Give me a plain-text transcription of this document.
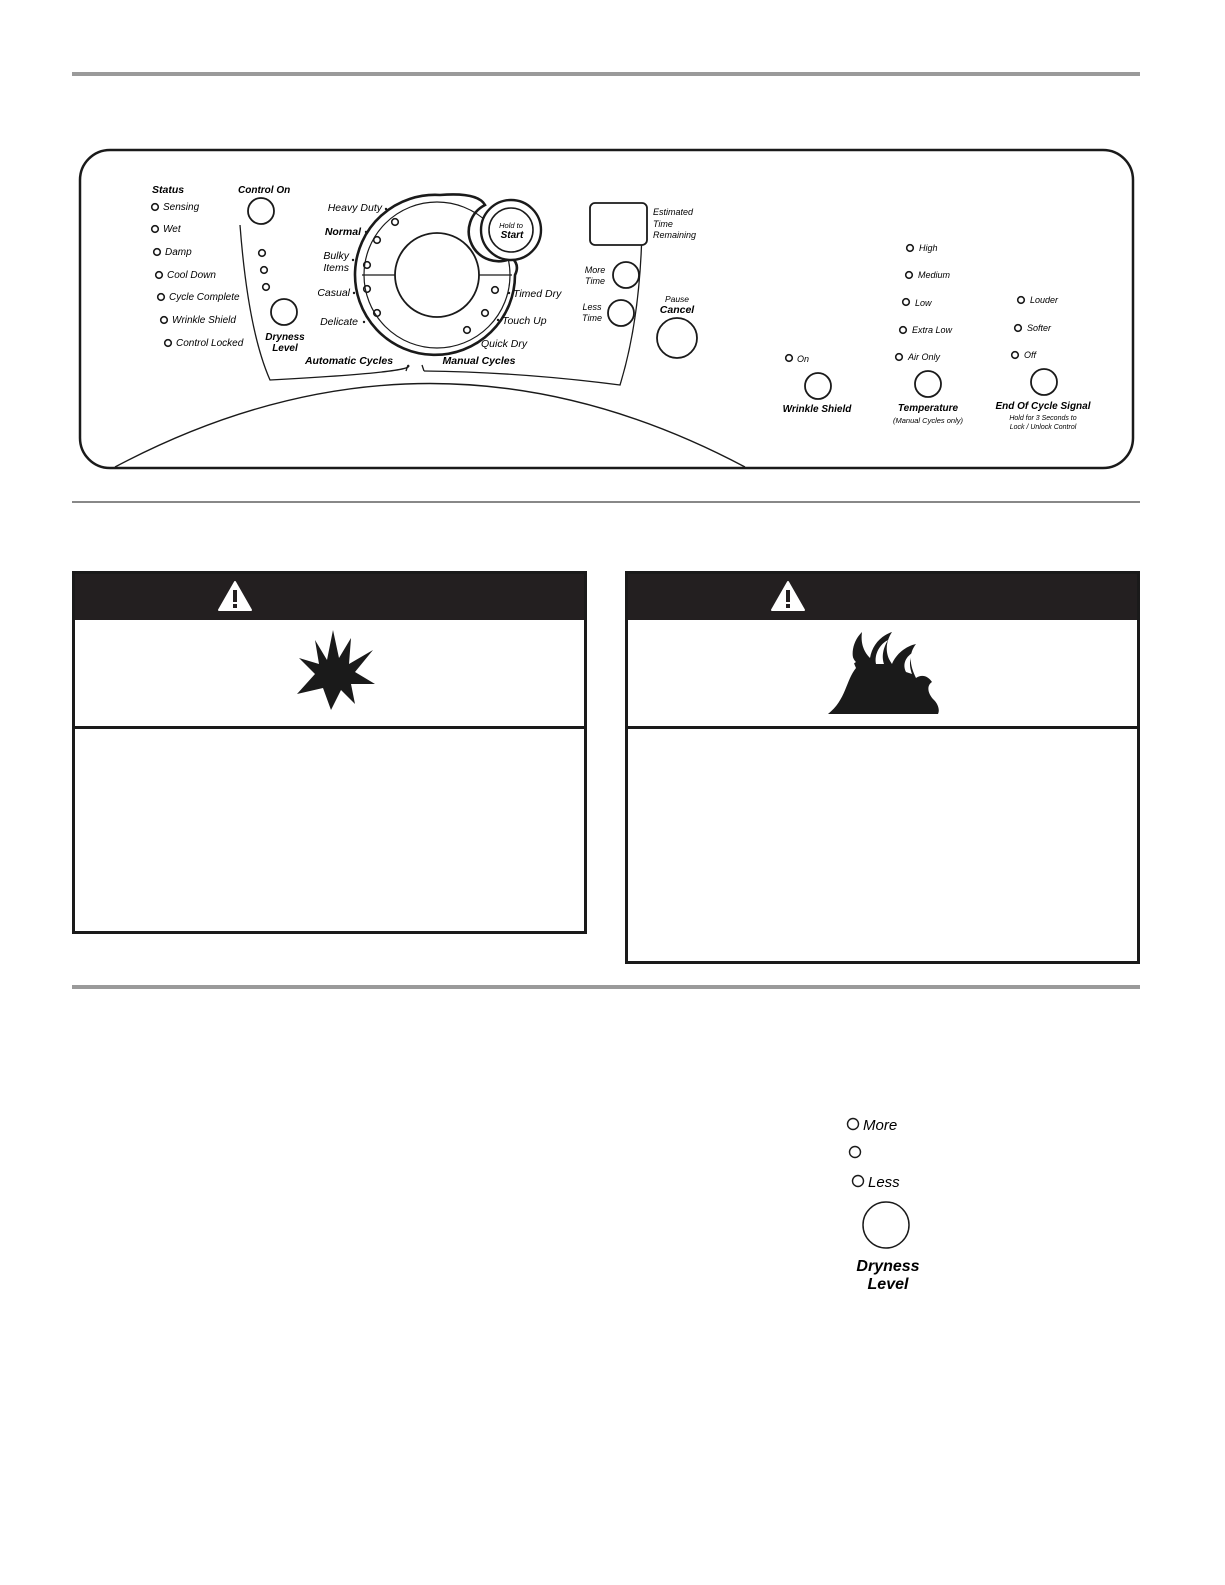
Status
Sensing
Wet
Damp
Cool Down
Cycle Complete
Wrinkle Shield
Control Locked
Control On
Dryness
Level
Hold to
Start
Heavy Duty
Normal
Bulky
Items
Casual
Delicate
Timed Dry
Touch Up
Quick Dry
Automatic Cycles	Manual Cycles
Estimated
Time
Remaining
More
Time
Less
Time
Pause
Cancel
On
Wrinkle Shield
High
Medium
Low
Extra Low
Air Only
Temperature
(Manual Cycles only)
Louder
Softer
Off
End Of Cycle Signal
Hold for 3 Seconds to
Lock / Unlock Control
More
Less
Dryness
Level
